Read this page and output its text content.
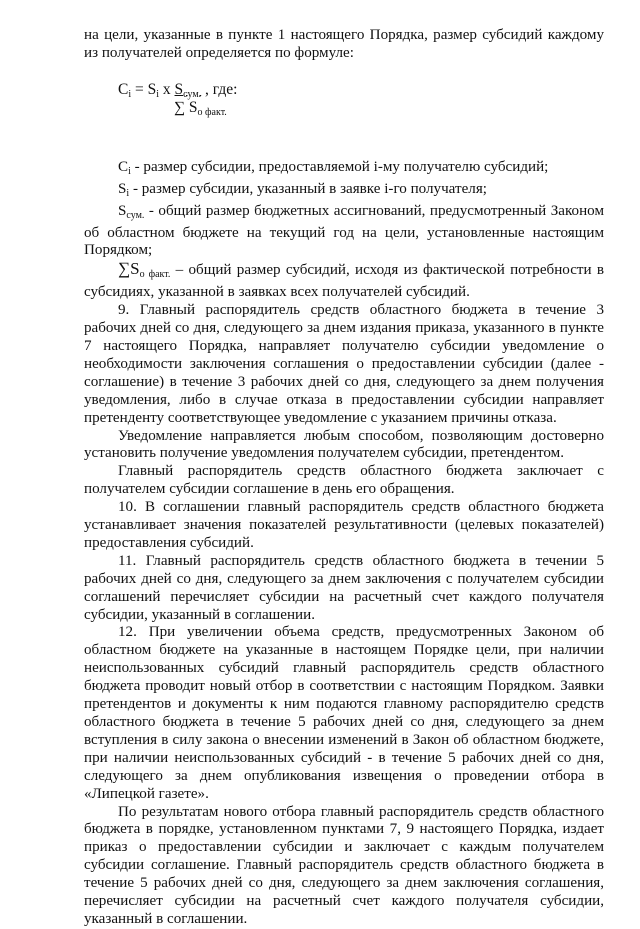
на цели, указанные в пункте 1 настоящего Порядка, размер субсидий каждому из получателей определяется по формуле:

$C_i = S_i$ x $S_{сум.}$ , где:
∑ $S_{о факт.}$

$C_i$ - размер субсидии, предоставляемой i-му получателю субсидий;

$S_i$ - размер субсидии, указанный в заявке i-го получателя;

$S_{сум.}$ - общий размер бюджетных ассигнований, предусмотренный Законом об областном бюджете на текущий год на цели, установленные настоящим Порядком;

$\sum S_{о факт.}$ – общий размер субсидий, исходя из фактической потребности в субсидиях, указанной в заявках всех получателей субсидий.

9. Главный распорядитель средств областного бюджета в течение 3 рабочих дней со дня, следующего за днем издания приказа, указанного в пункте 7 настоящего Порядка, направляет получателю субсидии уведомление о необходимости заключения соглашения о предоставлении субсидии (далее - соглашение) в течение 3 рабочих дней со дня, следующего за днем получения уведомления, либо в случае отказа в предоставлении субсидии направляет претенденту соответствующее уведомление с указанием причины отказа.

Уведомление направляется любым способом, позволяющим достоверно установить получение уведомления получателем субсидии, претендентом.

Главный распорядитель средств областного бюджета заключает с получателем субсидии соглашение в день его обращения.

10. В соглашении главный распорядитель средств областного бюджета устанавливает значения показателей результативности (целевых показателей) предоставления субсидий.

11. Главный распорядитель средств областного бюджета в течении 5 рабочих дней со дня, следующего за днем заключения с получателем субсидии соглашений перечисляет субсидии на расчетный счет каждого получателя субсидии, указанный в соглашении.

12. При увеличении объема средств, предусмотренных Законом об областном бюджете на указанные в настоящем Порядке цели, при наличии неиспользованных субсидий главный распорядитель средств областного бюджета проводит новый отбор в соответствии с настоящим Порядком. Заявки претендентов и документы к ним подаются главному распорядителю средств областного бюджета в течение 5 рабочих дней со дня, следующего за днем вступления в силу закона о внесении изменений в Закон об областном бюджете, при наличии неиспользованных субсидий - в течение 5 рабочих дней со дня, следующего за днем опубликования извещения о проведении отбора в «Липецкой газете».

По результатам нового отбора главный распорядитель средств областного бюджета в порядке, установленном пунктами 7, 9 настоящего Порядка, издает приказ о предоставлении субсидии и заключает с каждым получателем субсидии соглашение. Главный распорядитель средств областного бюджета в течение 5 рабочих дней со дня, следующего за днем заключения соглашения, перечисляет субсидии на расчетный счет каждого получателя субсидии, указанный в соглашении.
